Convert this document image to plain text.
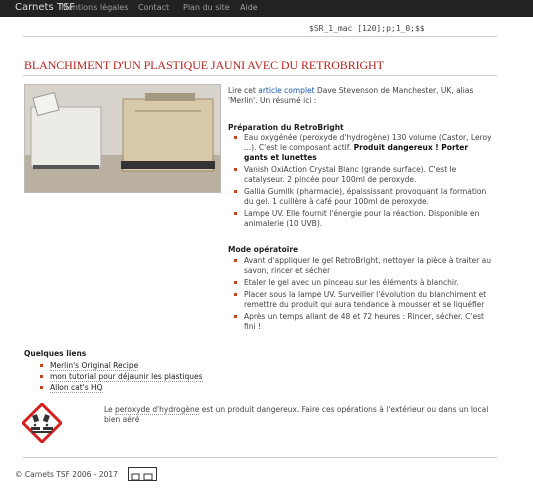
Carnets TSF
Mentions légales Contact Plan du site Aide
$SR_1_mac [120];p;1_0;$$
BLANCHIMENT D'UN PLASTIQUE JAUNI AVEC DU RETROBRIGHT

Lire cet article complet Dave Stevenson de Manchester, UK, alias 'Merlin'. Un résumé ici :

Préparation du RetroBright

Eau oxygénée (peroxyde d'hydrogène) 130 volume (Castor, Leroy ...). C'est le composant actif. Produit dangereux ! Porter gants et lunettes
Vanish OxiAction Crystal Blanc (grande surface). C'est le catalyseur. 2 pincée pour 100ml de peroxyde.
Gallia Gumilk (pharmacie), épaississant provoquant la formation du gel. 1 cuillère à café pour 100ml de peroxyde.
Lampe UV. Elle fournit l'énergie pour la réaction. Disponible en animalerie (10 UVB).

Mode opératoire

Avant d'appliquer le gel RetroBright, nettoyer la pièce à traiter au savon, rincer et sécher
Etaler le gel avec un pinceau sur les éléments à blanchir.
Placer sous la lampe UV. Surveiller l'évolution du blanchiment et remettre du produit qui aura tendance à mousser et se liquéfier
Après un temps allant de 48 et 72 heures : Rincer, sécher. C'est fini !

Quelques liens

Merlin's Original Recipe
mon tutorial pour déjaunir les plastiques
Allon cat's HQ

Le peroxyde d'hydrogène est un produit dangereux. Faire ces opérations à l'extérieur ou dans un local bien aéré

© Carnets TSF 2006 - 2017
